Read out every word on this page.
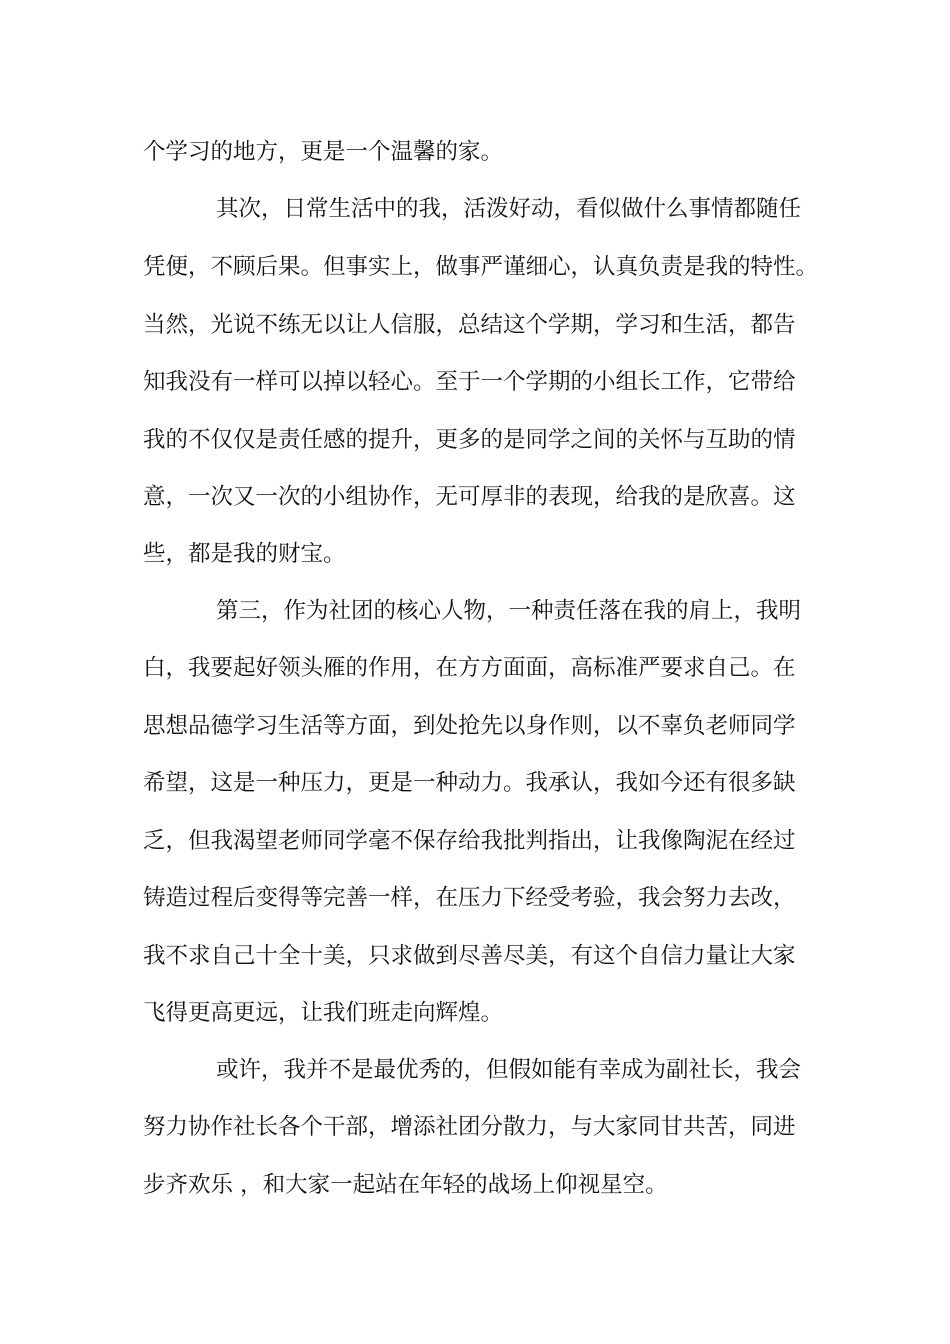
个学习的地方，更是一个温馨的家。
其次，日常生活中的我，活泼好动，看似做什么事情都随任
凭便，不顾后果。但事实上，做事严谨细心，认真负责是我的特性。
当然，光说不练无以让人信服，总结这个学期，学习和生活，都告
知我没有一样可以掉以轻心。至于一个学期的小组长工作，它带给
我的不仅仅是责任感的提升，更多的是同学之间的关怀与互助的情
意，一次又一次的小组协作，无可厚非的表现，给我的是欣喜。这
些，都是我的财宝。
第三，作为社团的核心人物，一种责任落在我的肩上，我明
白，我要起好领头雁的作用，在方方面面，高标准严要求自己。在
思想品德学习生活等方面，到处抢先以身作则，以不辜负老师同学
希望，这是一种压力，更是一种动力。我承认，我如今还有很多缺
乏，但我渴望老师同学毫不保存给我批判指出，让我像陶泥在经过
铸造过程后变得等完善一样，在压力下经受考验，我会努力去改，
我不求自己十全十美，只求做到尽善尽美，有这个自信力量让大家
飞得更高更远，让我们班走向辉煌。
或许，我并不是最优秀的，但假如能有幸成为副社长，我会
努力协作社长各个干部，增添社团分散力，与大家同甘共苦，同进
步齐欢乐 ，和大家一起站在年轻的战场上仰视星空。
